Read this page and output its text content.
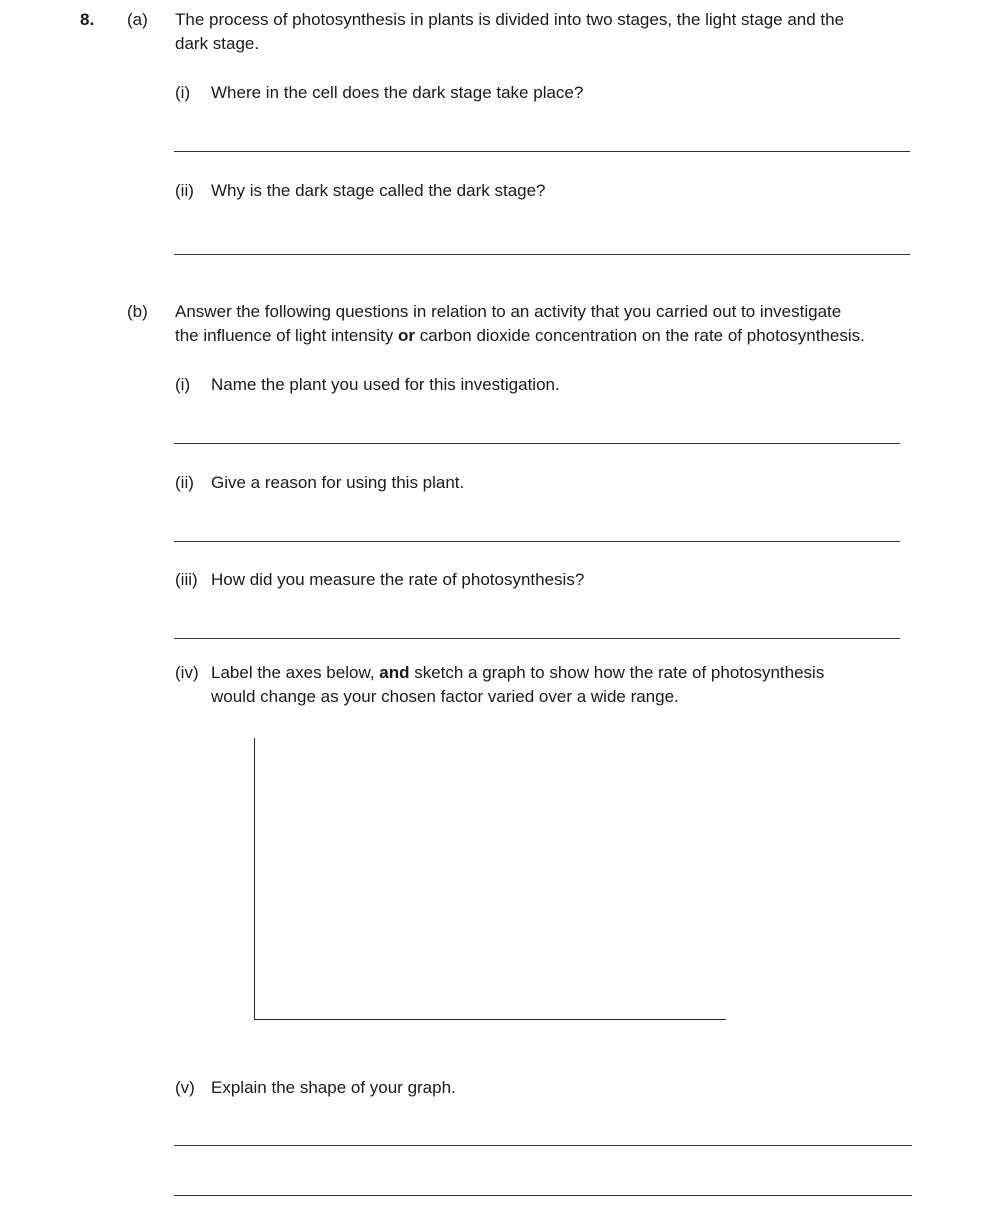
8. (a) The process of photosynthesis in plants is divided into two stages, the light stage and the
dark stage.
(i) Where in the cell does the dark stage take place?
(ii) Why is the dark stage called the dark stage?
(b) Answer the following questions in relation to an activity that you carried out to investigate
the influence of light intensity or carbon dioxide concentration on the rate of photosynthesis.
(i) Name the plant you used for this investigation.
(ii) Give a reason for using this plant.
(iii) How did you measure the rate of photosynthesis?
(iv) Label the axes below, and sketch a graph to show how the rate of photosynthesis
would change as your chosen factor varied over a wide range.
(v) Explain the shape of your graph.
